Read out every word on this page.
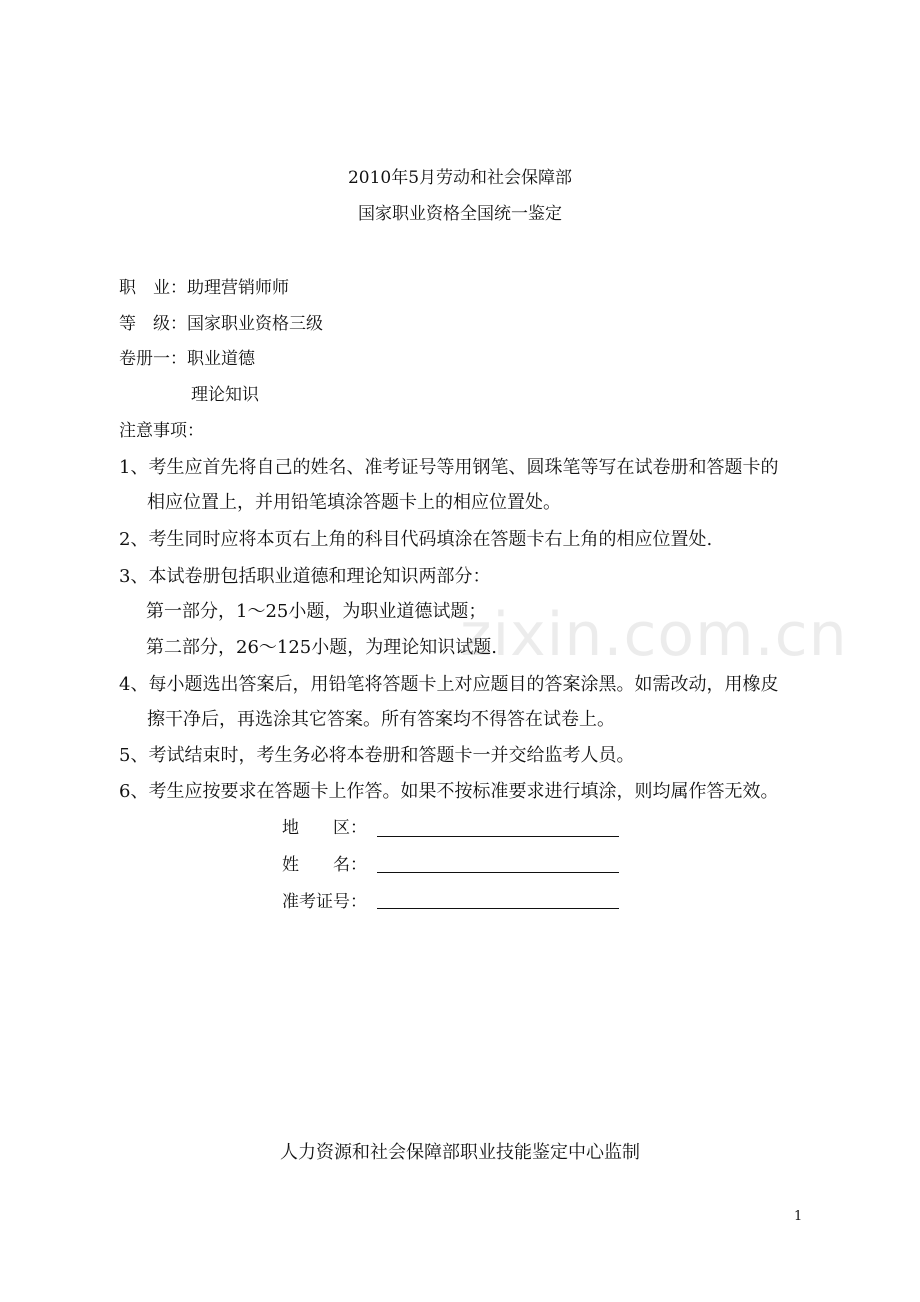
zixin.com.cn
2010年5月劳动和社会保障部
国家职业资格全国统一鉴定
职　业：助理营销师师
等　级：国家职业资格三级
卷册一：职业道德
理论知识
注意事项：
1、考生应首先将自己的姓名、准考证号等用钢笔、圆珠笔等写在试卷册和答题卡的
相应位置上，并用铅笔填涂答题卡上的相应位置处。
2、考生同时应将本页右上角的科目代码填涂在答题卡右上角的相应位置处.
3、本试卷册包括职业道德和理论知识两部分：
第一部分，1～25小题，为职业道德试题；
第二部分，26～125小题，为理论知识试题.
4、每小题选出答案后，用铅笔将答题卡上对应题目的答案涂黑。如需改动，用橡皮
擦干净后，再选涂其它答案。所有答案均不得答在试卷上。
5、考试结束时，考生务必将本卷册和答题卡一并交给监考人员。
6、考生应按要求在答题卡上作答。如果不按标准要求进行填涂，则均属作答无效。
地　　区：
姓　　名：
准考证号：
人力资源和社会保障部职业技能鉴定中心监制
1
